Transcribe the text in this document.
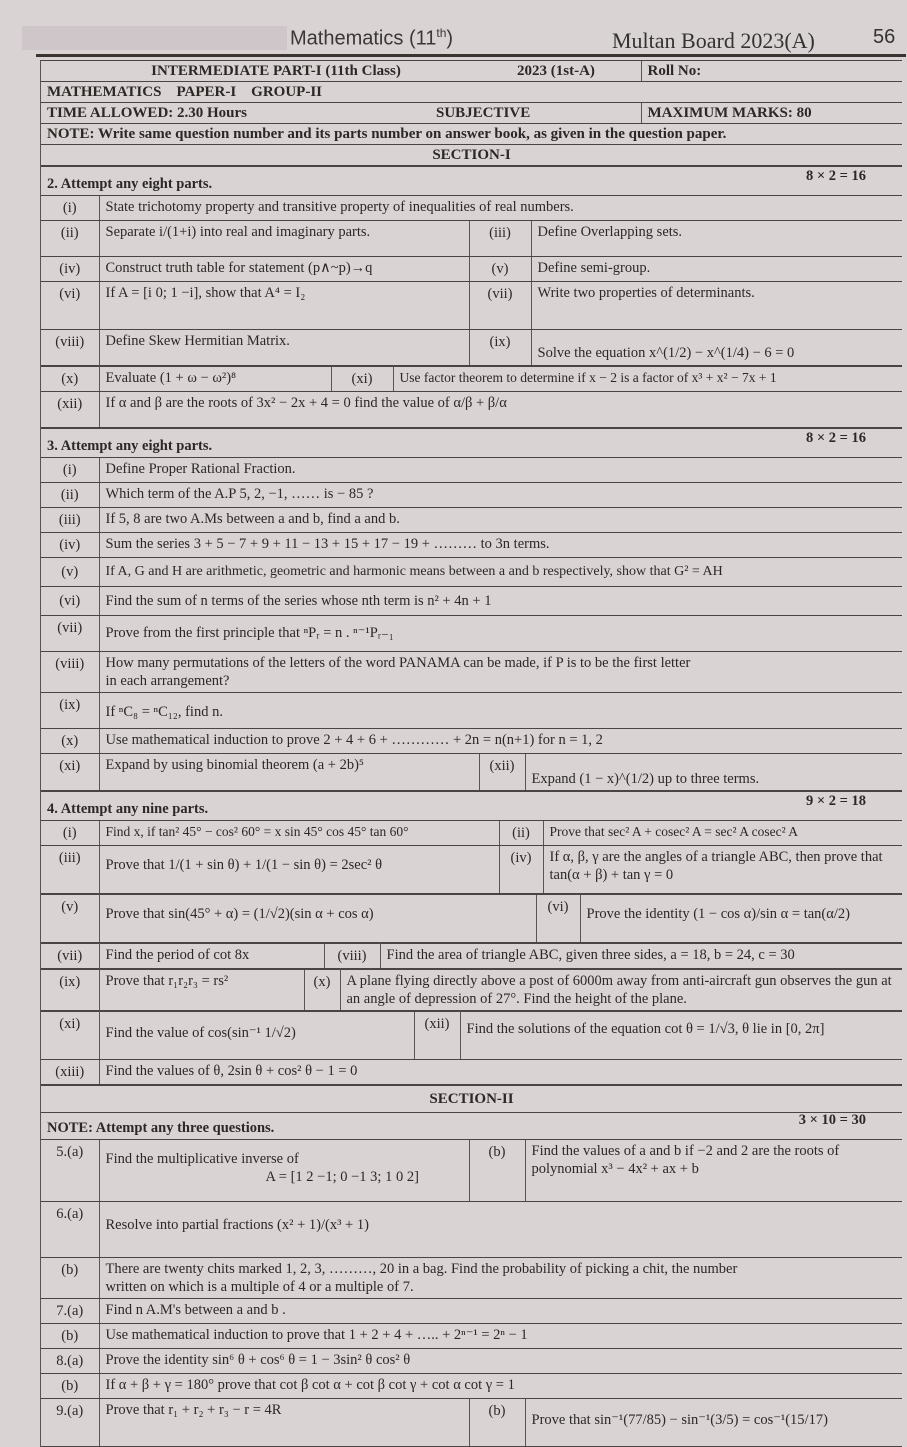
Mathematics (11th)	Multan Board 2023(A)	56
INTERMEDIATE PART-I (11th Class)	2023 (1st-A)	Roll No:
MATHEMATICS    PAPER-I    GROUP-II		
TIME ALLOWED: 2.30 Hours SUBJECTIVE		MAXIMUM MARKS: 80
NOTE: Write same question number and its parts number on answer book, as given in the question paper.		
SECTION-I		
2. Attempt any eight parts. 8 × 2 = 16			

(i)	State trichotomy property and transitive property of inequalities of real numbers.		
(ii)	Separate i/(1+i) into real and imaginary parts.	(iii)	Define Overlapping sets.
(iv)	Construct truth table for statement (p∧~p)→q	(v)	Define semi-group.
(vi)	If A = [i 0; 1 −i], show that A⁴ = I₂	(vii)	Write two properties of determinants.
(viii)	Define Skew Hermitian Matrix.	(ix)	Solve the equation x^(1/2) − x^(1/4) − 6 = 0
(x)	Evaluate (1 + ω − ω²)⁸	(xi)	Use factor theorem to determine if x − 2 is a factor of x³ + x² − 7x + 1
(xii)	If α and β are the roots of 3x² − 2x + 4 = 0 find the value of α/β + β/α		
3. Attempt any eight parts. 8 × 2 = 16			

(i)	Define Proper Rational Fraction.		
(ii)	Which term of the A.P 5, 2, −1, …… is − 85 ?		
(iii)	If 5, 8 are two A.Ms between a and b, find a and b.		
(iv)	Sum the series 3 + 5 − 7 + 9 + 11 − 13 + 15 + 17 − 19 + ……… to 3n terms.		
(v)	If A, G and H are arithmetic, geometric and harmonic means between a and b respectively, show that G² = AH		
(vi)	Find the sum of n terms of the series whose nth term is n² + 4n + 1		
(vii)	Prove from the first principle that ⁿPᵣ = n . ⁿ⁻¹Pᵣ₋₁		
(viii)	How many permutations of the letters of the word PANAMA can be made, if P is to be the first letter in each arrangement?		
(ix)	If ⁿC₈ = ⁿC₁₂, find n.		
(x)	Use mathematical induction to prove 2 + 4 + 6 + ………… + 2n = n(n+1) for n = 1, 2		
(xi)	Expand by using binomial theorem (a + 2b)⁵	(xii)	Expand (1 − x)^(1/2) up to three terms.
4. Attempt any nine parts. 9 × 2 = 18			

(i)	Find x, if tan² 45° − cos² 60° = x sin 45° cos 45° tan 60°	(ii)	Prove that sec² A + cosec² A = sec² A cosec² A
(iii)	Prove that 1/(1 + sin θ) + 1/(1 − sin θ) = 2sec² θ	(iv)	If α, β, γ are the angles of a triangle ABC, then prove that tan(α + β) + tan γ = 0
(v)	Prove that sin(45° + α) = (1/√2)(sin α + cos α)	(vi)	Prove the identity (1 − cos α)/sin α = tan(α/2)
(vii)	Find the period of cot 8x	(viii)	Find the area of triangle ABC, given three sides, a = 18, b = 24, c = 30
(ix)	Prove that r₁r₂r₃ = rs²	(x)	A plane flying directly above a post of 6000m away from anti-aircraft gun observes the gun at an angle of depression of 27°. Find the height of the plane.
(xi)	Find the value of cos(sin⁻¹ 1/√2)	(xii)	Find the solutions of the equation cot θ = 1/√3, θ lie in [0, 2π]
(xiii)	Find the values of θ, 2sin θ + cos² θ − 1 = 0		
SECTION-II			
NOTE: Attempt any three questions. 3 × 10 = 30			

5.(a)	Find the multiplicative inverse of
A = [1 2 −1; 0 −1 3; 1 0 2]	(b)	Find the values of a and b if −2 and 2 are the roots of polynomial x³ − 4x² + ax + b
6.(a)	Resolve into partial fractions (x² + 1)/(x³ + 1)		
(b)	There are twenty chits marked 1, 2, 3, ………, 20 in a bag. Find the probability of picking a chit, the number written on which is a multiple of 4 or a multiple of 7.		
7.(a)	Find n A.M's between a and b .		
(b)	Use mathematical induction to prove that 1 + 2 + 4 + ….. + 2ⁿ⁻¹ = 2ⁿ − 1		
8.(a)	Prove the identity sin⁶ θ + cos⁶ θ = 1 − 3sin² θ cos² θ		
(b)	If α + β + γ = 180° prove that cot β cot α + cot β cot γ + cot α cot γ = 1		
9.(a)	Prove that r₁ + r₂ + r₃ − r = 4R	(b)	Prove that sin⁻¹(77/85) − sin⁻¹(3/5) = cos⁻¹(15/17)
